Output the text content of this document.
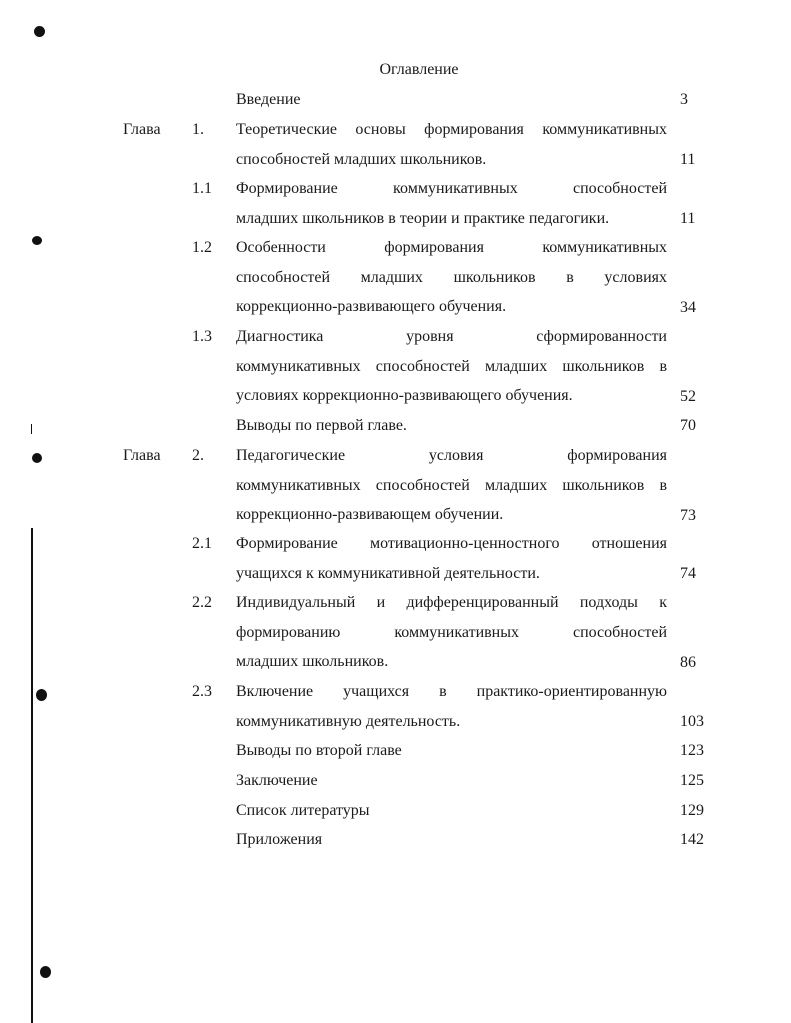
Оглавление
Введение	3
Глава 1. Теоретические основы формирования коммуникативных
способностей младших школьников.	11
1.1 Формирование коммуникативных способностей
младших школьников в теории и практике педагогики.	11
1.2 Особенности формирования коммуникативных
способностей младших школьников в условиях
коррекционно-развивающего обучения.	34
1.3 Диагностика уровня сформированности
коммуникативных способностей младших школьников в
условиях коррекционно-развивающего обучения.	52
Выводы по первой главе.	70
Глава 2. Педагогические условия формирования
коммуникативных способностей младших школьников в
коррекционно-развивающем обучении.	73
2.1 Формирование мотивационно-ценностного отношения
учащихся к коммуникативной деятельности.	74
2.2 Индивидуальный и дифференцированный подходы к
формированию коммуникативных способностей
младших школьников.	86
2.3 Включение учащихся в практико-ориентированную
коммуникативную деятельность.	103
Выводы по второй главе	123
Заключение	125
Список литературы	129
Приложения	142
